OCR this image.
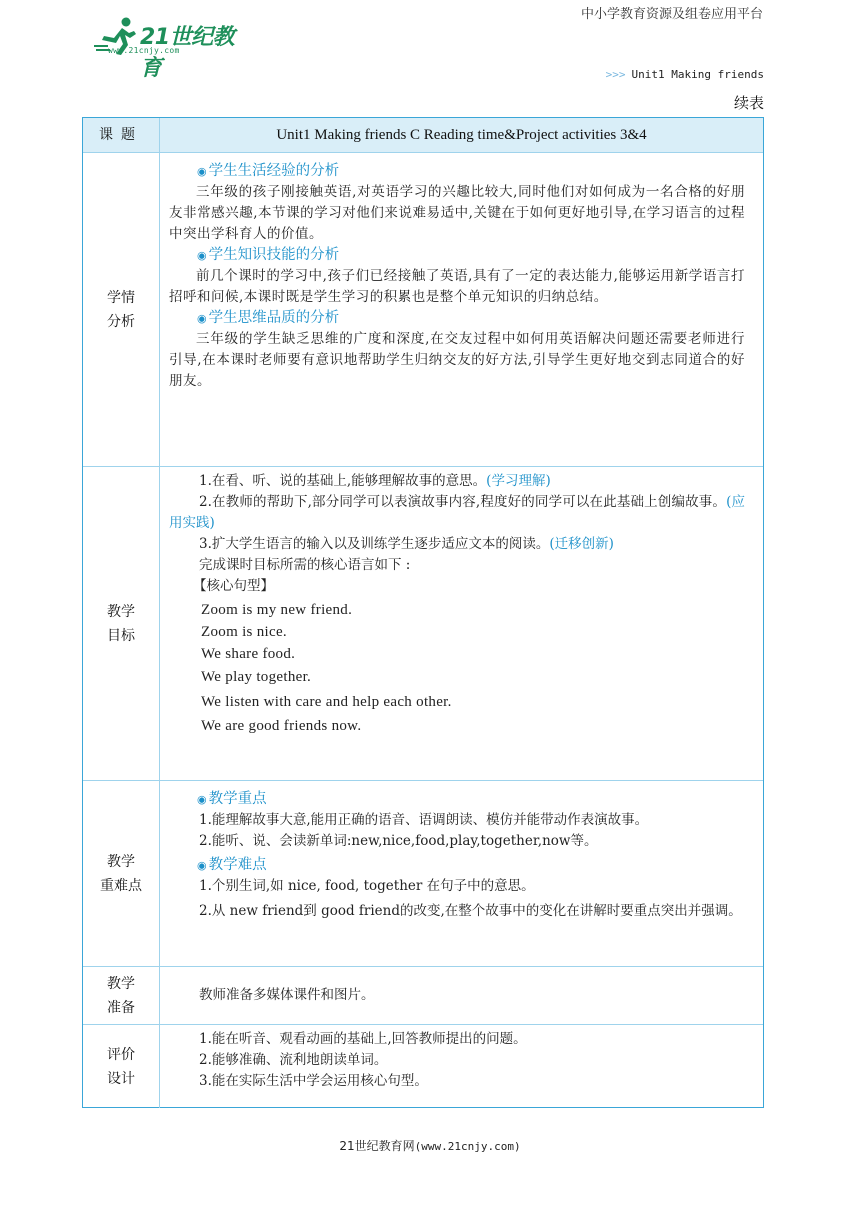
中小学教育资源及组卷应用平台
21世纪教育
www.21cnjy.com
>>> Unit1 Making friends
续表
课题	Unit1 Making friends C Reading time&Project activities 3&4
学情
分析
◉ 学生生活经验的分析
三年级的孩子刚接触英语,对英语学习的兴趣比较大,同时他们对如何成为一名合格的好朋友非常感兴趣,本节课的学习对他们来说难易适中,关键在于如何更好地引导,在学习语言的过程中突出学科育人的价值。
◉ 学生知识技能的分析
前几个课时的学习中,孩子们已经接触了英语,具有了一定的表达能力,能够运用新学语言打招呼和问候,本课时既是学生学习的积累也是整个单元知识的归纳总结。
◉ 学生思维品质的分析
三年级的学生缺乏思维的广度和深度,在交友过程中如何用英语解决问题还需要老师进行引导,在本课时老师要有意识地帮助学生归纳交友的好方法,引导学生更好地交到志同道合的好朋友。
教学
目标
1.在看、听、说的基础上,能够理解故事的意思。(学习理解)
2.在教师的帮助下,部分同学可以表演故事内容,程度好的同学可以在此基础上创编故事。(应用实践)
3.扩大学生语言的输入以及训练学生逐步适应文本的阅读。(迁移创新)
完成课时目标所需的核心语言如下 :
【核心句型】
Zoom is my new friend.
Zoom is nice.
We share food.
We play together.
We listen with care and help each other.
We are good friends now.
教学
重难点
◉ 教学重点
1.能理解故事大意,能用正确的语音、语调朗读、模仿并能带动作表演故事。
2.能听、说、会读新单词:new,nice,food,play,together,now等。
◉ 教学难点
1.个别生词,如 nice, food, together 在句子中的意思。
2.从 new friend到 good friend的改变,在整个故事中的变化在讲解时要重点突出并强调。
教学
准备
教师准备多媒体课件和图片。
评价
设计
1.能在听音、观看动画的基础上,回答教师提出的问题。
2.能够准确、流利地朗读单词。
3.能在实际生活中学会运用核心句型。
21世纪教育网(www.21cnjy.com)
